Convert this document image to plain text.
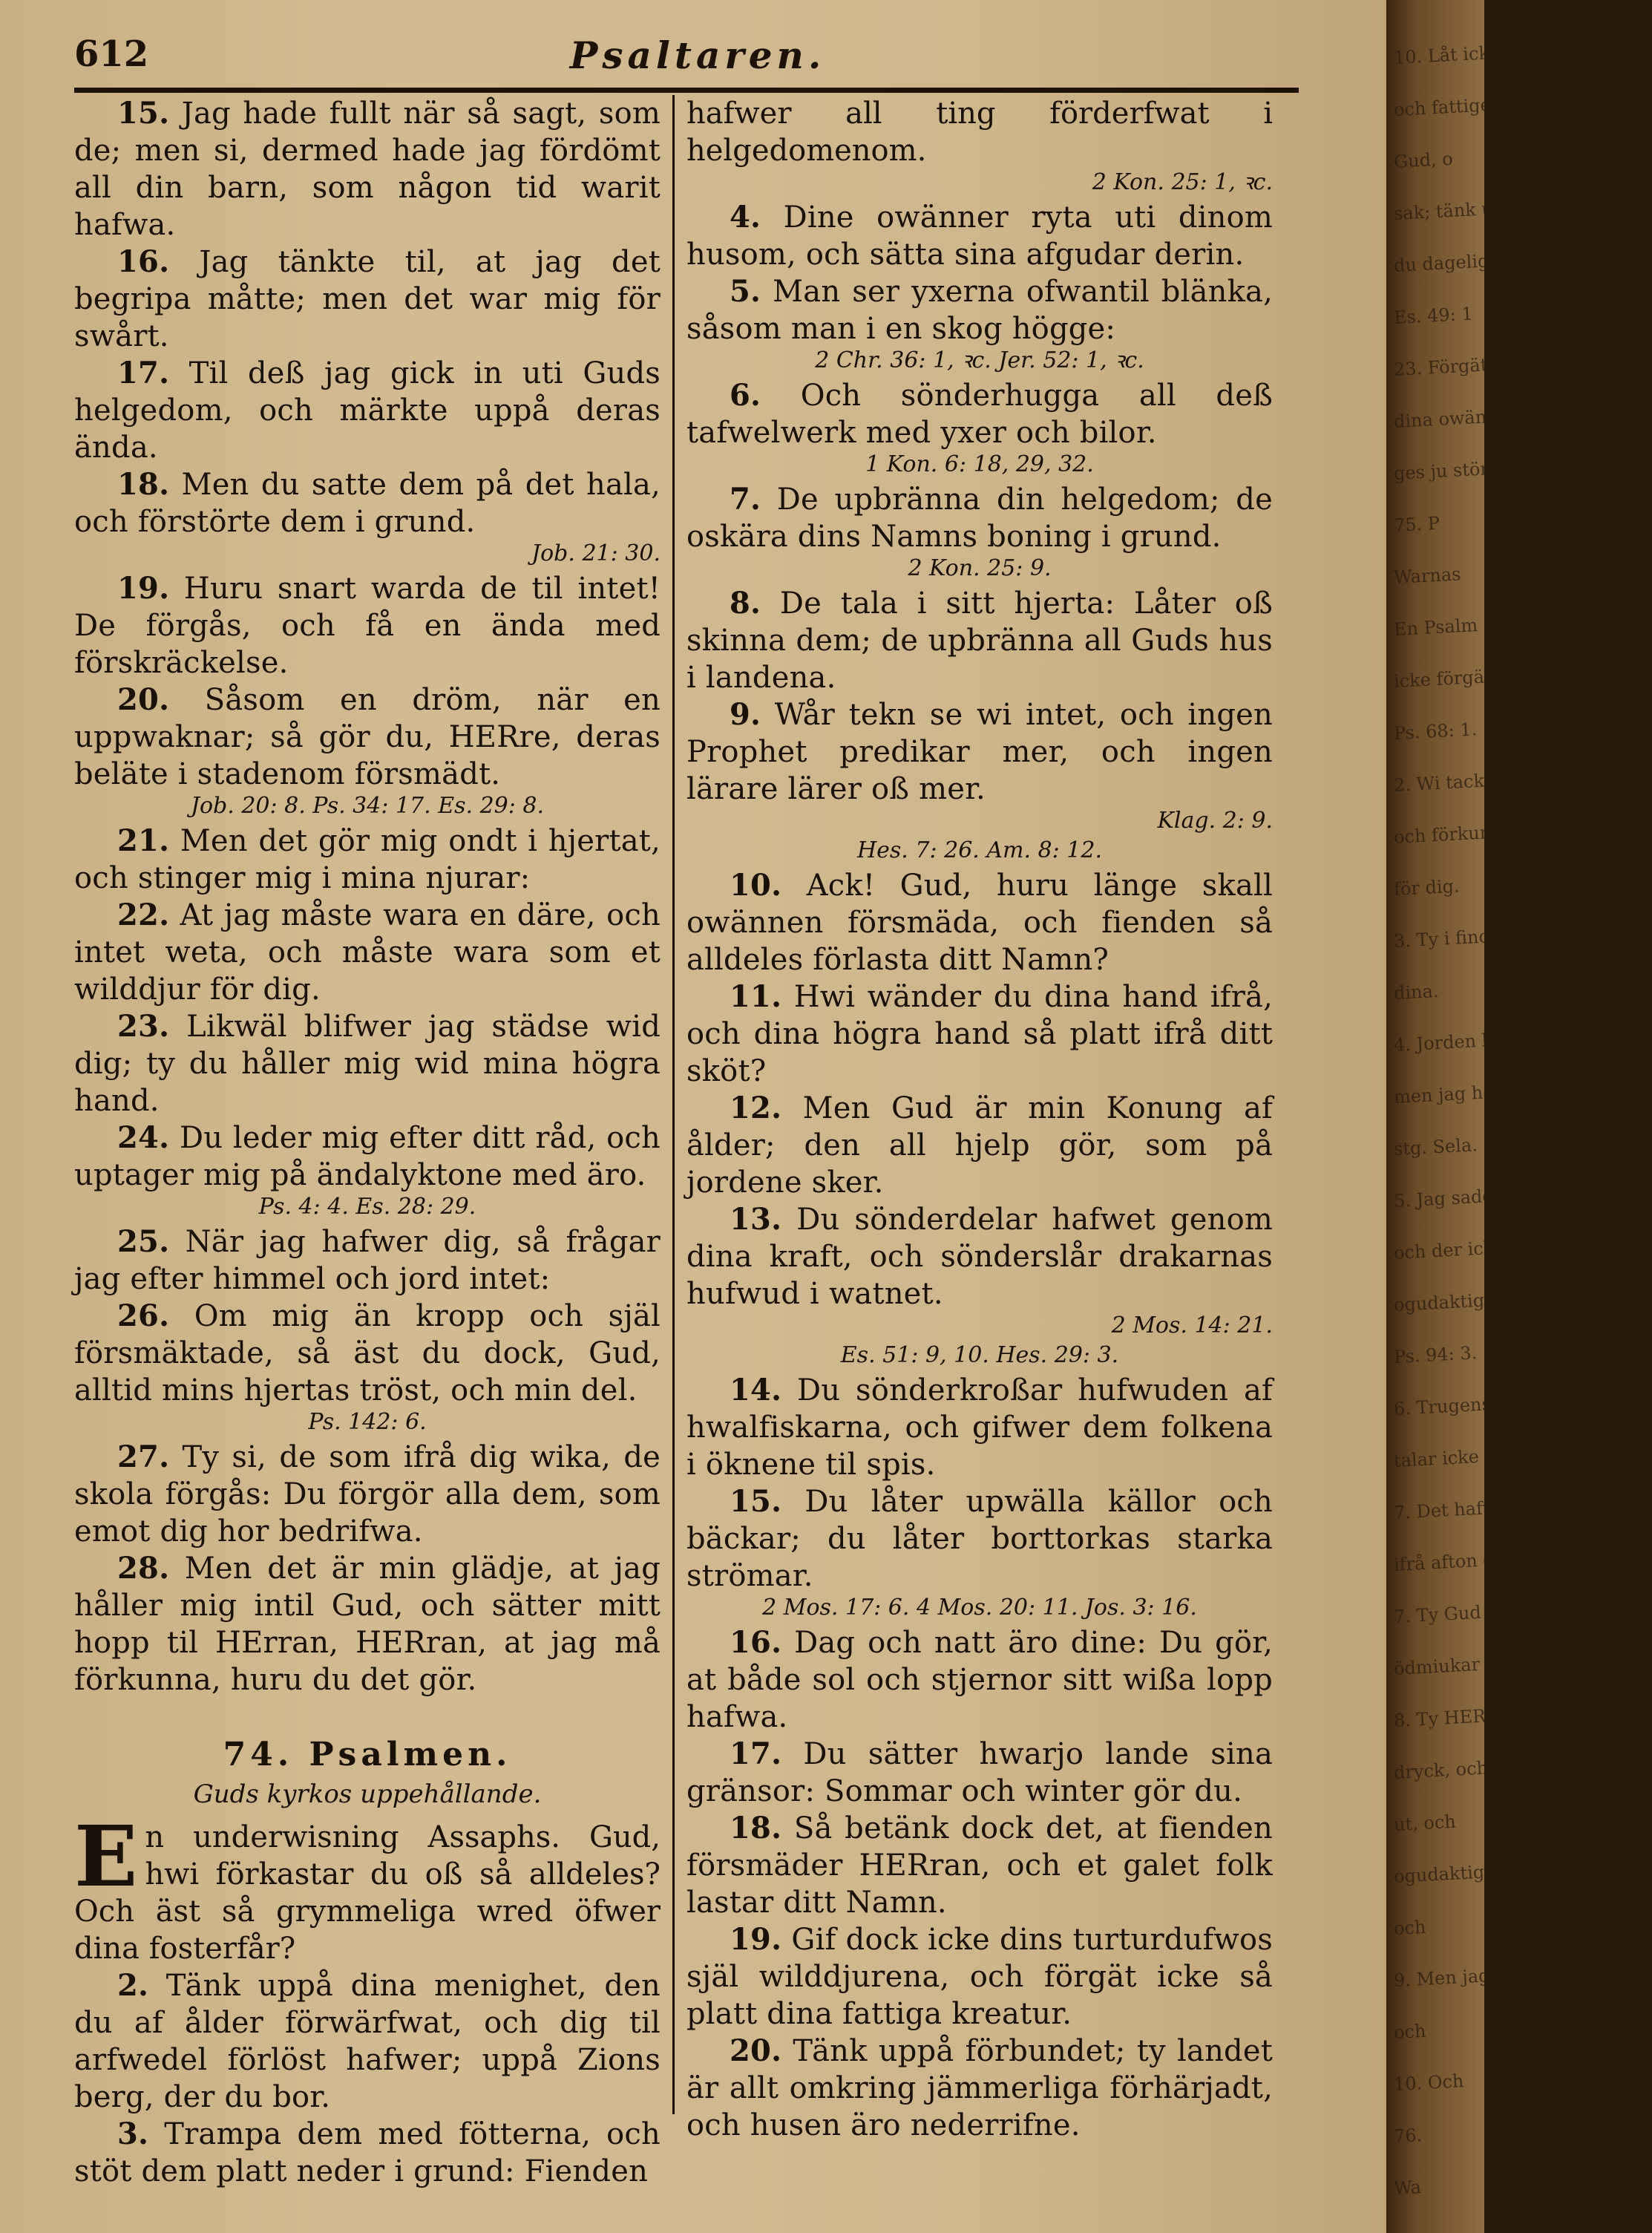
612	Psaltaren.

15. Jag hade fullt när så sagt, som de; men si, dermed hade jag fördömt all din barn, som någon tid warit hafwa.

16. Jag tänkte til, at jag det begripa måtte; men det war mig för swårt.

17. Til deß jag gick in uti Guds helgedom, och märkte uppå deras ända.

18. Men du satte dem på det hala, och förstörte dem i grund.

Job. 21: 30.

19. Huru snart warda de til intet! De förgås, och få en ända med förskräckelse.

20. Såsom en dröm, när en uppwaknar; så gör du, HERre, deras beläte i stadenom försmädt.

Job. 20: 8. Ps. 34: 17. Es. 29: 8.

21. Men det gör mig ondt i hjertat, och stinger mig i mina njurar:

22. At jag måste wara en däre, och intet weta, och måste wara som et wilddjur för dig.

23. Likwäl blifwer jag städse wid dig; ty du håller mig wid mina högra hand.

24. Du leder mig efter ditt råd, och uptager mig på ändalyktone med äro.

Ps. 4: 4. Es. 28: 29.

25. När jag hafwer dig, så frågar jag efter himmel och jord intet:

26. Om mig än kropp och själ försmäktade, så äst du dock, Gud, alltid mins hjertas tröst, och min del.

Ps. 142: 6.

27. Ty si, de som ifrå dig wika, de skola förgås: Du förgör alla dem, som emot dig hor bedrifwa.

28. Men det är min glädje, at jag håller mig intil Gud, och sätter mitt hopp til HErran, HERran, at jag må förkunna, huru du det gör.

74. Psalmen.
Guds kyrkos uppehållande.

En underwisning Assaphs. Gud, hwi förkastar du oß så alldeles? Och äst så grymmeliga wred öfwer dina fosterfår?

2. Tänk uppå dina menighet, den du af ålder förwärfwat, och dig til arfwedel förlöst hafwer; uppå Zions berg, der du bor.

3. Trampa dem med fötterna, och stöt dem platt neder i grund: Fienden

hafwer all ting förderfwat i helgedomenom.

2 Kon. 25: 1, ꝛc.

4. Dine owänner ryta uti dinom husom, och sätta sina afgudar derin.

5. Man ser yxerna ofwantil blänka, såsom man i en skog högge:

2 Chr. 36: 1, ꝛc. Jer. 52: 1, ꝛc.

6. Och sönderhugga all deß tafwelwerk med yxer och bilor.

1 Kon. 6: 18, 29, 32.

7. De upbränna din helgedom; de oskära dins Namns boning i grund.

2 Kon. 25: 9.

8. De tala i sitt hjerta: Låter oß skinna dem; de upbränna all Guds hus i landena.

9. Wår tekn se wi intet, och ingen Prophet predikar mer, och ingen lärare lärer oß mer.

Klag. 2: 9.

Hes. 7: 26. Am. 8: 12.

10. Ack! Gud, huru länge skall owännen försmäda, och fienden så alldeles förlasta ditt Namn?

11. Hwi wänder du dina hand ifrå, och dina högra hand så platt ifrå ditt sköt?

12. Men Gud är min Konung af ålder; den all hjelp gör, som på jordene sker.

13. Du sönderdelar hafwet genom dina kraft, och sönderslår drakarnas hufwud i watnet.

2 Mos. 14: 21.

Es. 51: 9, 10. Hes. 29: 3.

14. Du sönderkroßar hufwuden af hwalfiskarna, och gifwer dem folkena i öknene til spis.

15. Du låter upwälla källor och bäckar; du låter borttorkas starka strömar.

2 Mos. 17: 6. 4 Mos. 20: 11. Jos. 3: 16.

16. Dag och natt äro dine: Du gör, at både sol och stjernor sitt wißa lopp hafwa.

17. Du sätter hwarjo lande sina gränsor: Sommar och winter gör du.

18. Så betänk dock det, at fienden försmäder HERran, och et galet folk lastar ditt Namn.

19. Gif dock icke dins turturdufwos själ wilddjurena, och förgät icke så platt dina fattiga kreatur.

20. Tänk uppå förbundet; ty landet är allt omkring jämmerliga förhärjadt, och husen äro nederrifne.

10. Låt icke de
och fattige och e
Gud, o
sak; tänk uppå
du dageliga af de
Es. 49: 1
23. Förgät icke
dina owänners rå
ges ju större.
75. P
Warnas
En Psalm och
icke förgäfs; l
Ps. 68: 1.
2. Wi tacke dig
och förkunne din
för dig.
3. Ty i finom
dina.
4. Jorden bäfwar
men jag håller
stg. Sela.
5. Jag sade til
och der icke så
ogudaktige: Trugens icke på
Ps. 94: 3.
6. Trugens icke
talar icke så
7. Det hafwer
ifrå afton eller
7. Ty Gud är
ödmiukar den
8. Ty HERre
dryck, och
ut, och
ogudaktige
och
9. Men jag
och
10. Och
76.
Wa
